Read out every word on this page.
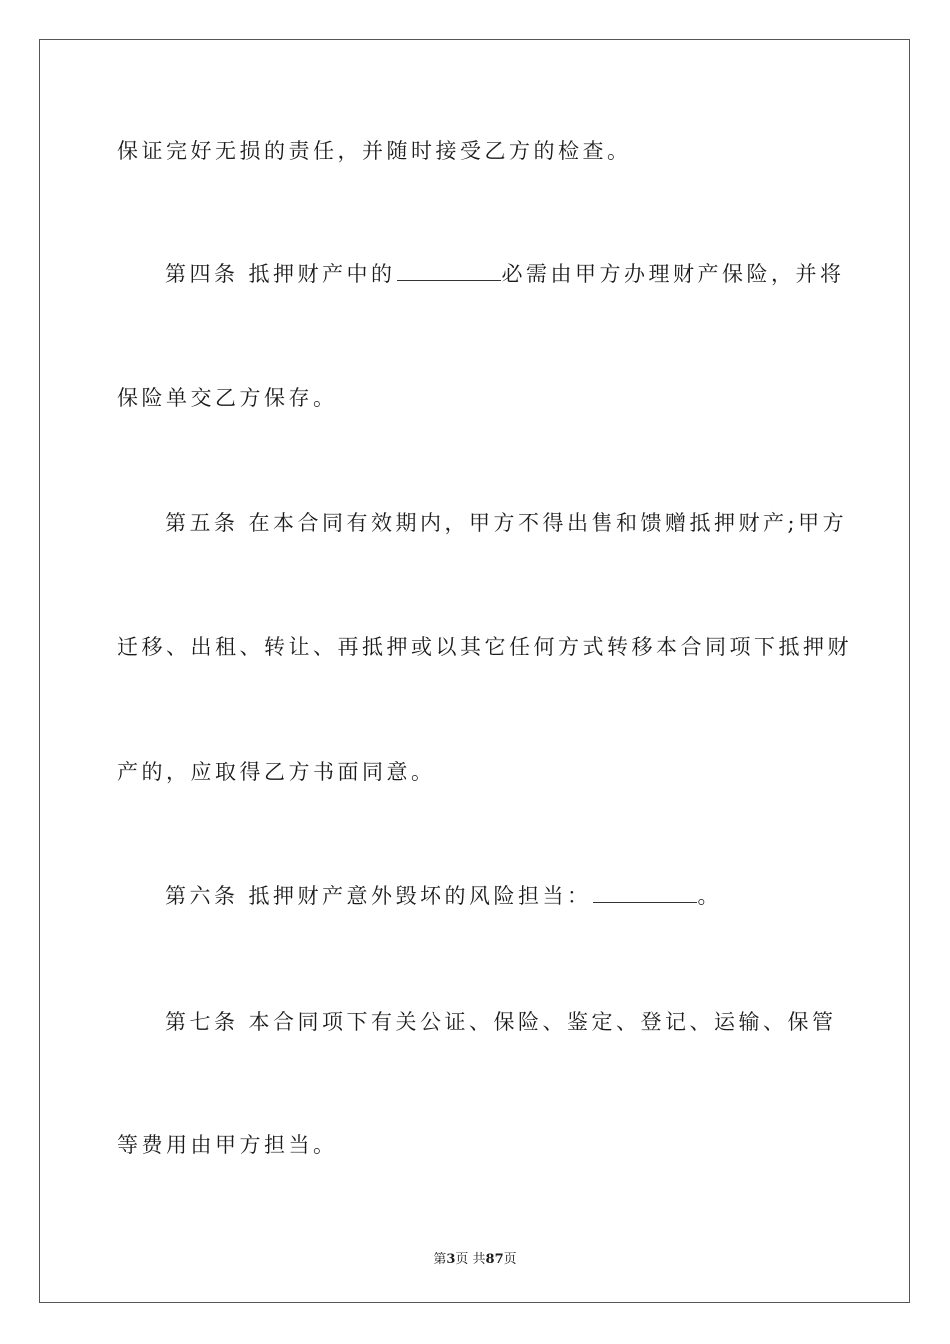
保证完好无损的责任，并随时接受乙方的检查。
第四条 抵押财产中的	必需由甲方办理财产保险，并将
保险单交乙方保存。
第五条 在本合同有效期内，甲方不得出售和馈赠抵押财产;甲方
迁移、出租、转让、再抵押或以其它任何方式转移本合同项下抵押财
产的，应取得乙方书面同意。
第六条 抵押财产意外毁坏的风险担当：	。
第七条 本合同项下有关公证、保险、鉴定、登记、运输、保管
等费用由甲方担当。
第3页 共87页
